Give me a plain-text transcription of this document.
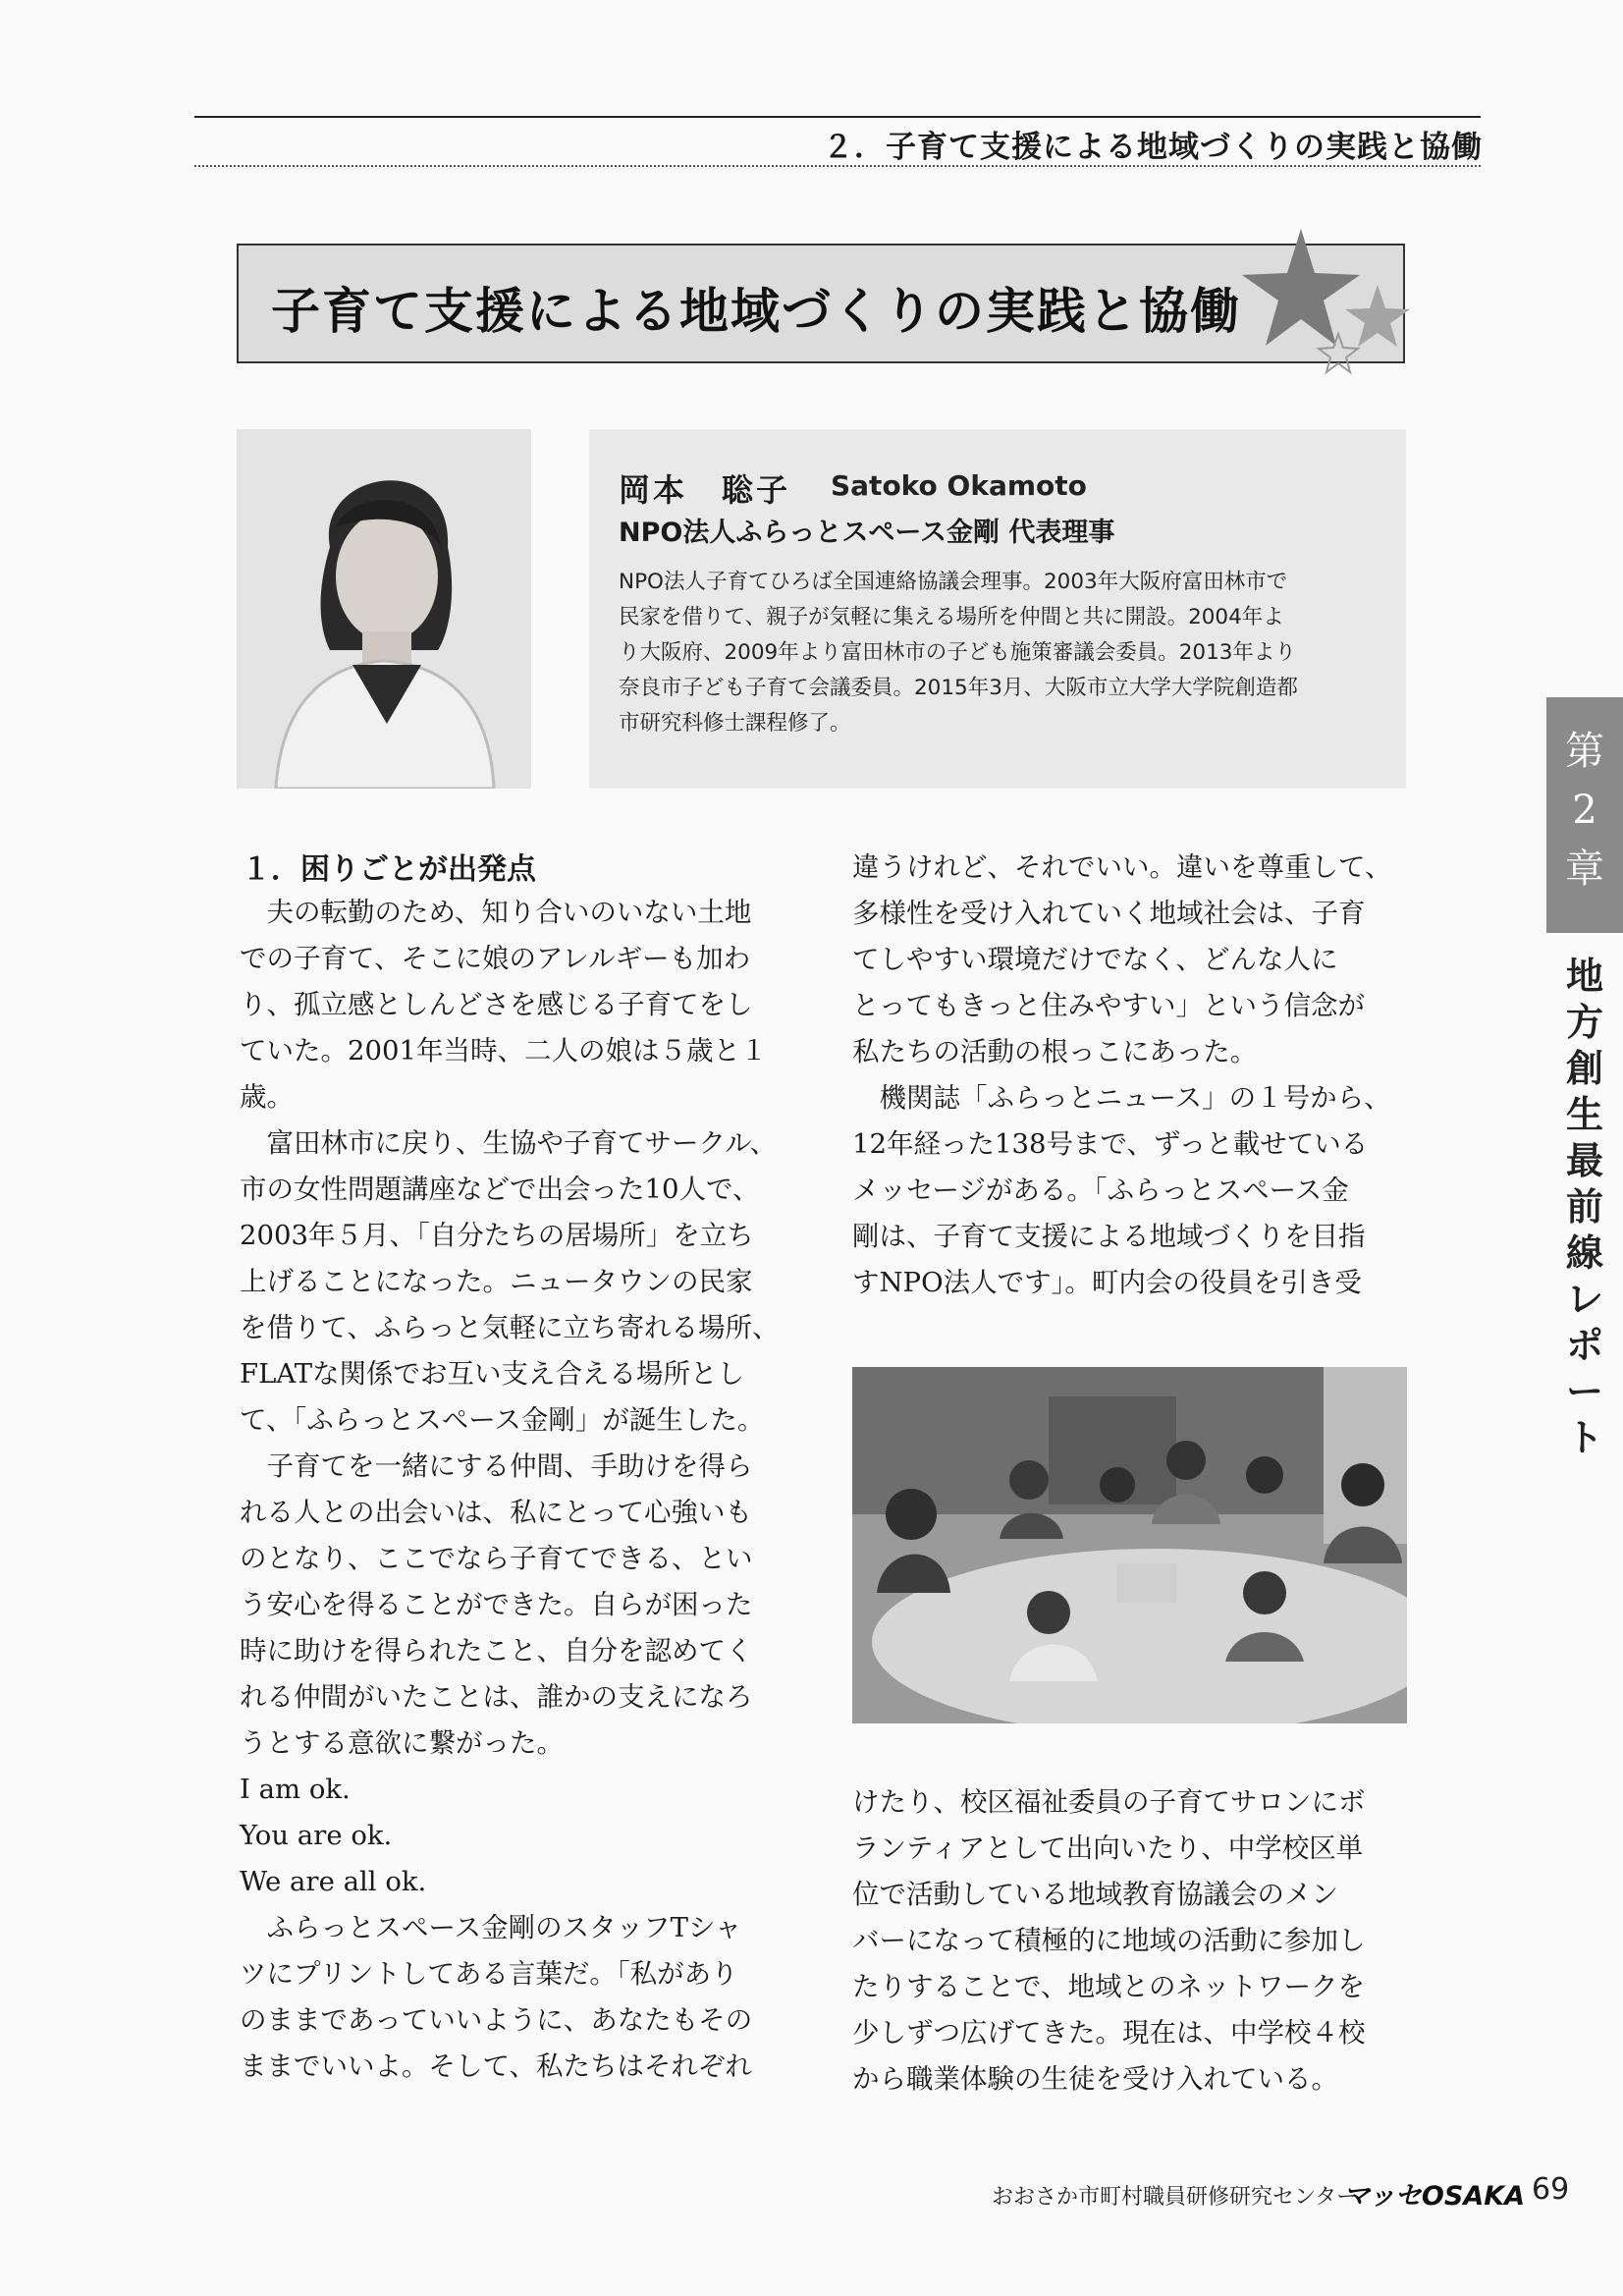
２．子育て支援による地域づくりの実践と協働
子育て支援による地域づくりの実践と協働
岡本　聡子 Satoko Okamoto
NPO法人ふらっとスペース金剛 代表理事

NPO法人子育てひろば全国連絡協議会理事。2003年大阪府富田林市で
民家を借りて、親子が気軽に集える場所を仲間と共に開設。2004年よ
り大阪府、2009年より富田林市の子ども施策審議会委員。2013年より
奈良市子ども子育て会議委員。2015年3月、大阪市立大学大学院創造都
市研究科修士課程修了。

第
2
章
地
方
創
生
最
前
線
レ
ポ
ー
ト
１．困りごとが出発点
　夫の転勤のため、知り合いのいない土地
での子育て、そこに娘のアレルギーも加わ
り、孤立感としんどさを感じる子育てをし
ていた。2001年当時、二人の娘は５歳と１
歳。
　富田林市に戻り、生協や子育てサークル、
市の女性問題講座などで出会った10人で、
2003年５月、「自分たちの居場所」を立ち
上げることになった。ニュータウンの民家
を借りて、ふらっと気軽に立ち寄れる場所、
FLATな関係でお互い支え合える場所とし
て、「ふらっとスペース金剛」が誕生した。
　子育てを一緒にする仲間、手助けを得ら
れる人との出会いは、私にとって心強いも
のとなり、ここでなら子育てできる、とい
う安心を得ることができた。自らが困った
時に助けを得られたこと、自分を認めてく
れる仲間がいたことは、誰かの支えになろ
うとする意欲に繋がった。
I am ok.
You are ok.
We are all ok.
　ふらっとスペース金剛のスタッフTシャ
ツにプリントしてある言葉だ。「私があり
のままであっていいように、あなたもその
ままでいいよ。そして、私たちはそれぞれ
違うけれど、それでいい。違いを尊重して、
多様性を受け入れていく地域社会は、子育
てしやすい環境だけでなく、どんな人に
とってもきっと住みやすい」という信念が
私たちの活動の根っこにあった。
　機関誌「ふらっとニュース」の１号から、
12年経った138号まで、ずっと載せている
メッセージがある。「ふらっとスペース金
剛は、子育て支援による地域づくりを目指
すNPO法人です」。町内会の役員を引き受
けたり、校区福祉委員の子育てサロンにボ
ランティアとして出向いたり、中学校区単
位で活動している地域教育協議会のメン
バーになって積極的に地域の活動に参加し
たりすることで、地域とのネットワークを
少しずつ広げてきた。現在は、中学校４校
から職業体験の生徒を受け入れている。
おおさか市町村職員研修研究センター
マッセOSAKA 69
